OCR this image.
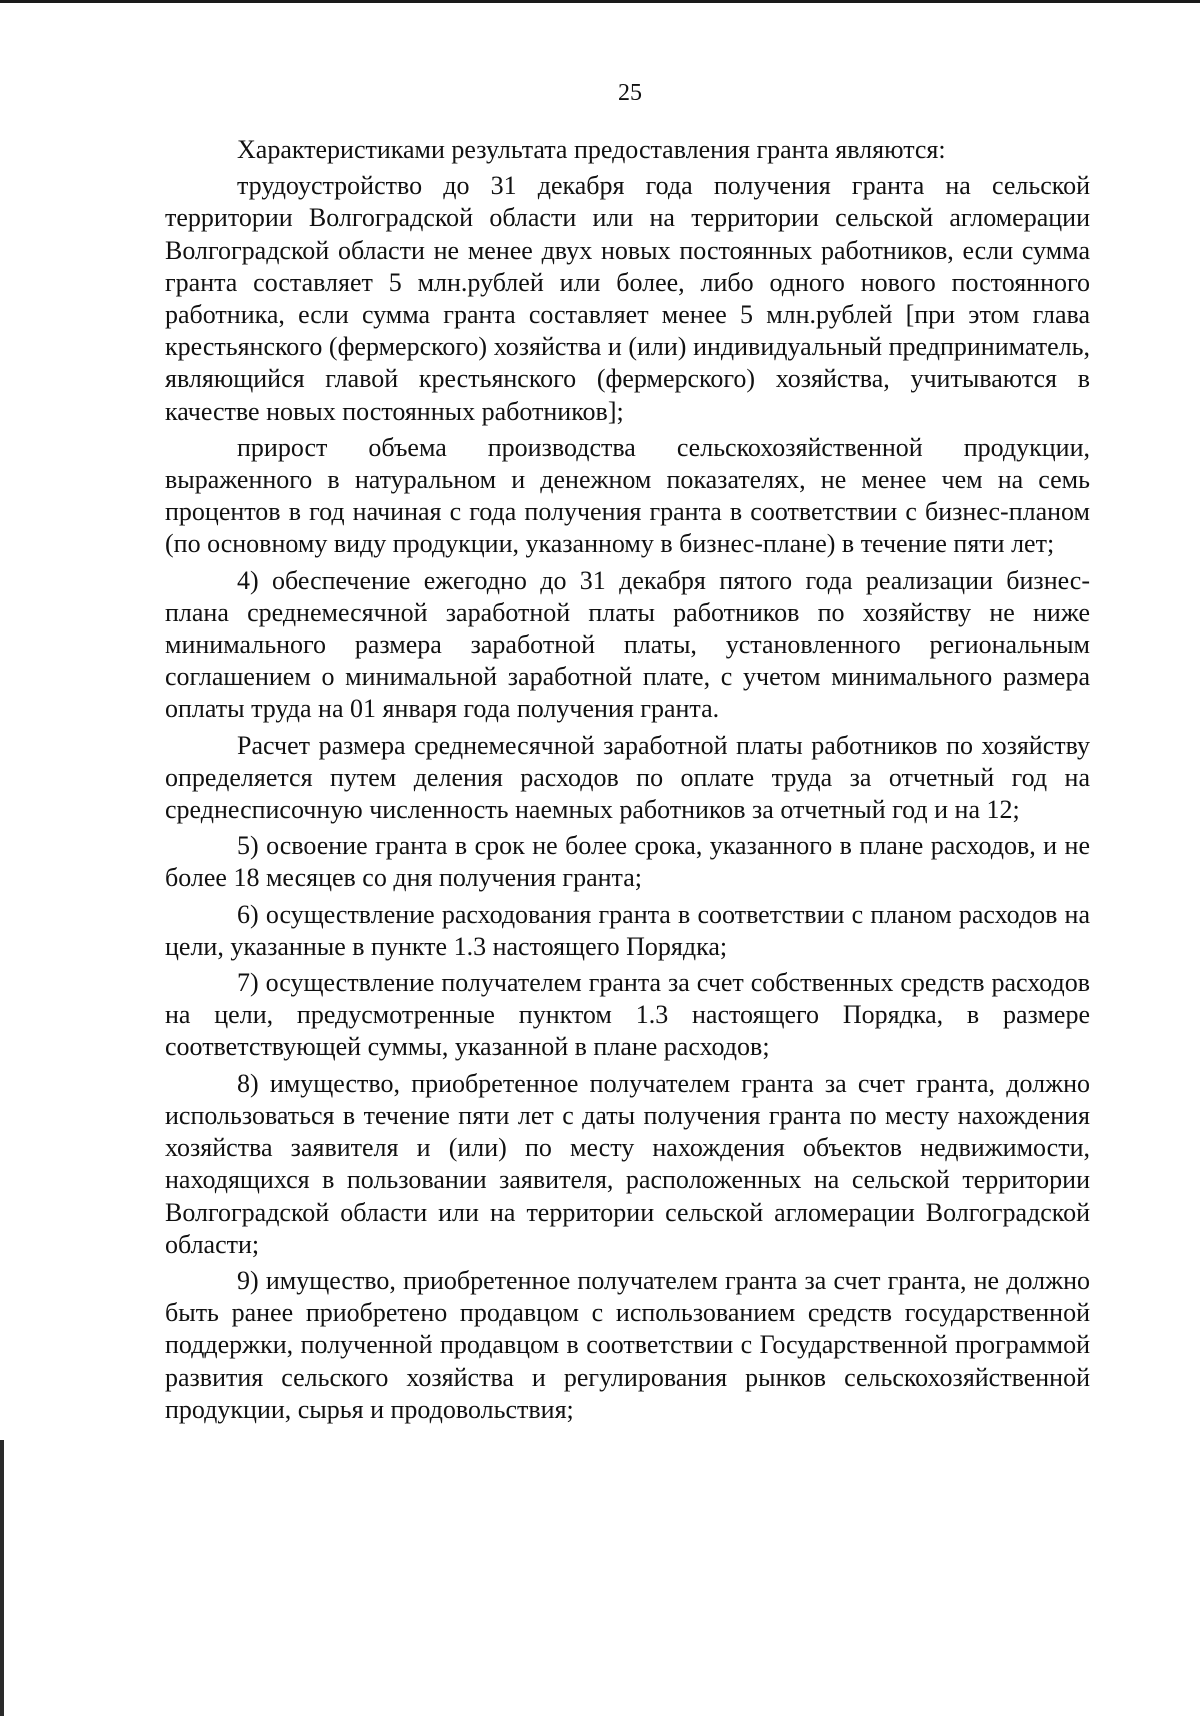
25

Характеристиками результата предоставления гранта являются:

трудоустройство до 31 декабря года получения гранта на сельской территории Волгоградской области или на территории сельской агломерации Волгоградской области не менее двух новых постоянных работников, если сумма гранта составляет 5 млн.рублей или более, либо одного нового постоянного работника, если сумма гранта составляет менее 5 млн.рублей [при этом глава крестьянского (фермерского) хозяйства и (или) индивидуальный предприниматель, являющийся главой крестьянского (фермерского) хозяйства, учитываются в качестве новых постоянных работников];

прирост объема производства сельскохозяйственной продукции, выраженного в натуральном и денежном показателях, не менее чем на семь процентов в год начиная с года получения гранта в соответствии с бизнес-планом (по основному виду продукции, указанному в бизнес-плане) в течение пяти лет;

4) обеспечение ежегодно до 31 декабря пятого года реализации бизнес-плана среднемесячной заработной платы работников по хозяйству не ниже минимального размера заработной платы, установленного региональным соглашением о минимальной заработной плате, с учетом минимального размера оплаты труда на 01 января года получения гранта.

Расчет размера среднемесячной заработной платы работников по хозяйству определяется путем деления расходов по оплате труда за отчетный год на среднесписочную численность наемных работников за отчетный год и на 12;

5) освоение гранта в срок не более срока, указанного в плане расходов, и не более 18 месяцев со дня получения гранта;

6) осуществление расходования гранта в соответствии с планом расходов на цели, указанные в пункте 1.3 настоящего Порядка;

7) осуществление получателем гранта за счет собственных средств расходов на цели, предусмотренные пунктом 1.3 настоящего Порядка, в размере соответствующей суммы, указанной в плане расходов;

8) имущество, приобретенное получателем гранта за счет гранта, должно использоваться в течение пяти лет с даты получения гранта по месту нахождения хозяйства заявителя и (или) по месту нахождения объектов недвижимости, находящихся в пользовании заявителя, расположенных на сельской территории Волгоградской области или на территории сельской агломерации Волгоградской области;

9) имущество, приобретенное получателем гранта за счет гранта, не должно быть ранее приобретено продавцом с использованием средств государственной поддержки, полученной продавцом в соответствии с Государственной программой развития сельского хозяйства и регулирования рынков сельскохозяйственной продукции, сырья и продовольствия;
